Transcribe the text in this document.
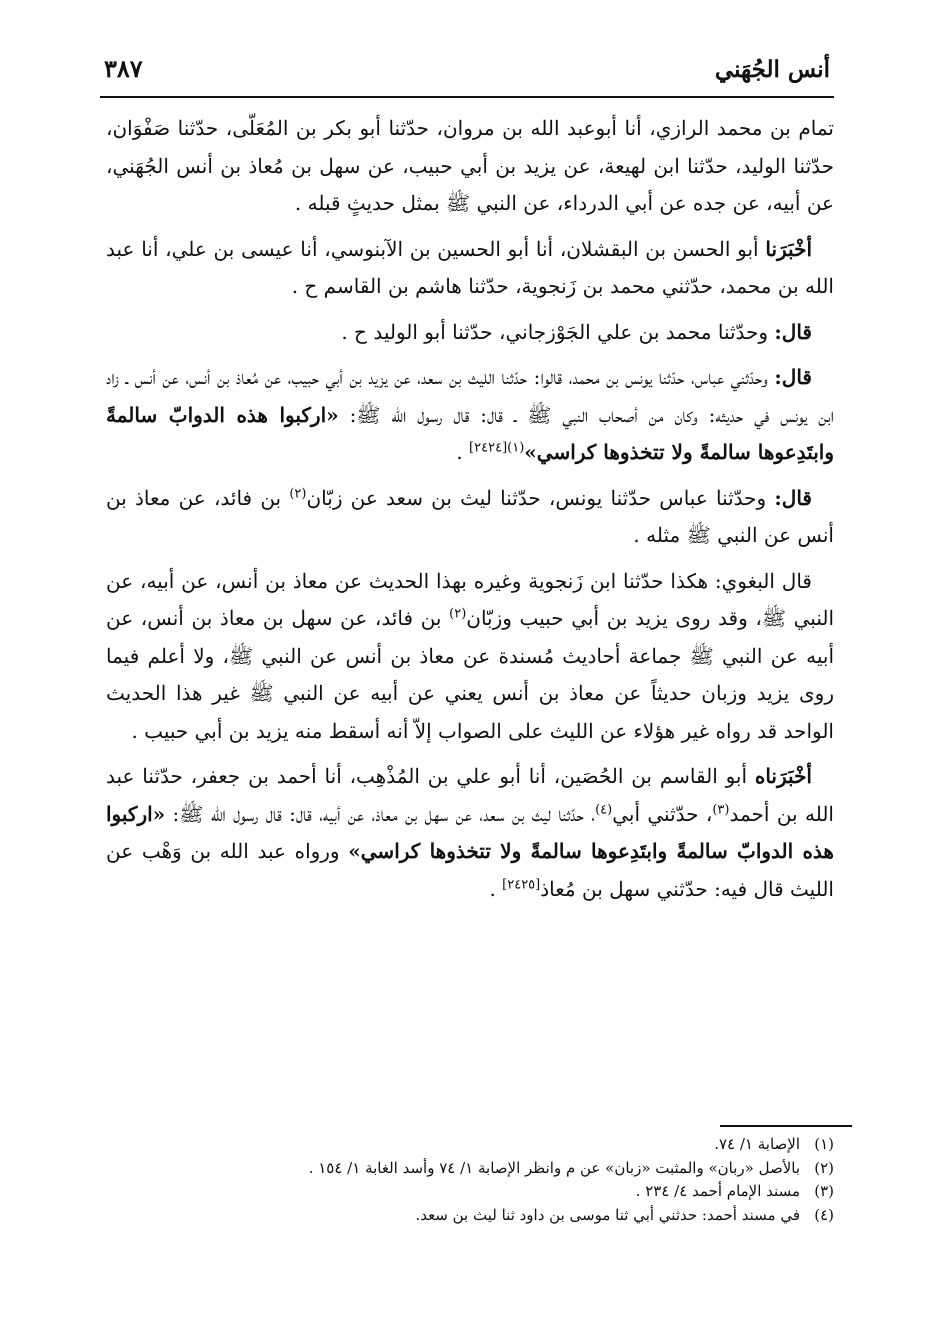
أنس الجُهَني
٣٨٧

تمام بن محمد الرازي، أنا أبوعبد الله بن مروان، حدّثنا أبو بكر بن المُعَلّى، حدّثنا صَفْوَان، حدّثنا الوليد، حدّثنا ابن لهيعة، عن يزيد بن أبي حبيب، عن سهل بن مُعاذ بن أنس الجُهَني، عن أبيه، عن جده عن أبي الدرداء، عن النبي ﷺ بمثل حديثٍ قبله .

أخْبَرَنا أبو الحسن بن البقشلان، أنا أبو الحسين بن الآبنوسي، أنا عيسى بن علي، أنا عبد الله بن محمد، حدّثني محمد بن زَنجوية، حدّثنا هاشم بن القاسم ح .

قال: وحدّثنا محمد بن علي الجَوْزجاني، حدّثنا أبو الوليد ح .

قال: وحدّثني عباس، حدّثنا يونس بن محمد، قالوا: حدّثنا الليث بن سعد، عن يزيد بن أبي حبيب، عن مُعاذ بن أنس، عن أنس ـ زاد ابن يونس في حديثه: وكان من أصحاب النبي ﷺ ـ قال: قال رسول الله ﷺ: «اركبوا هذه الدوابّ سالمةً وابتَدِعوها سالمةً ولا تتخذوها كراسي»$^{(١)[٢٤٢٤]}$ .

قال: وحدّثنا عباس حدّثنا يونس، حدّثنا ليث بن سعد عن زبّان$^{(٢)}$ بن فائد، عن معاذ بن أنس عن النبي ﷺ مثله .

قال البغوي: هكذا حدّثنا ابن زَنجوية وغيره بهذا الحديث عن معاذ بن أنس، عن أبيه، عن النبي ﷺ، وقد روى يزيد بن أبي حبيب وزبّان$^{(٢)}$ بن فائد، عن سهل بن معاذ بن أنس، عن أبيه عن النبي ﷺ جماعة أحاديث مُسندة عن معاذ بن أنس عن النبي ﷺ، ولا أعلم فيما روى يزيد وزبان حديثاً عن معاذ بن أنس يعني عن أبيه عن النبي ﷺ غير هذا الحديث الواحد قد رواه غير هؤلاء عن الليث على الصواب إلاّ أنه أسقط منه يزيد بن أبي حبيب .

أخْبَرَناه أبو القاسم بن الحُصَين، أنا أبو علي بن المُذْهِب، أنا أحمد بن جعفر، حدّثنا عبد الله بن أحمد$^{(٣)}$، حدّثني أبي$^{(٤)}$، حدّثنا ليث بن سعد، عن سهل بن معاذ، عن أبيه، قال: قال رسول الله ﷺ: «اركبوا هذه الدوابّ سالمةً وابتَدِعوها سالمةً ولا تتخذوها كراسي» ورواه عبد الله بن وَهْب عن الليث قال فيه: حدّثني سهل بن مُعاذ[٢٤٢٥] .

(١)الإصابة ١/ ٧٤.
(٢)بالأصل «ربان» والمثبت «زبان» عن م وانظر الإصابة ١/ ٧٤ وأسد الغابة ١/ ١٥٤ .
(٣)مسند الإمام أحمد ٤/ ٢٣٤ .
(٤)في مسند أحمد: حدثني أبي ثنا موسى بن داود ثنا ليث بن سعد.
